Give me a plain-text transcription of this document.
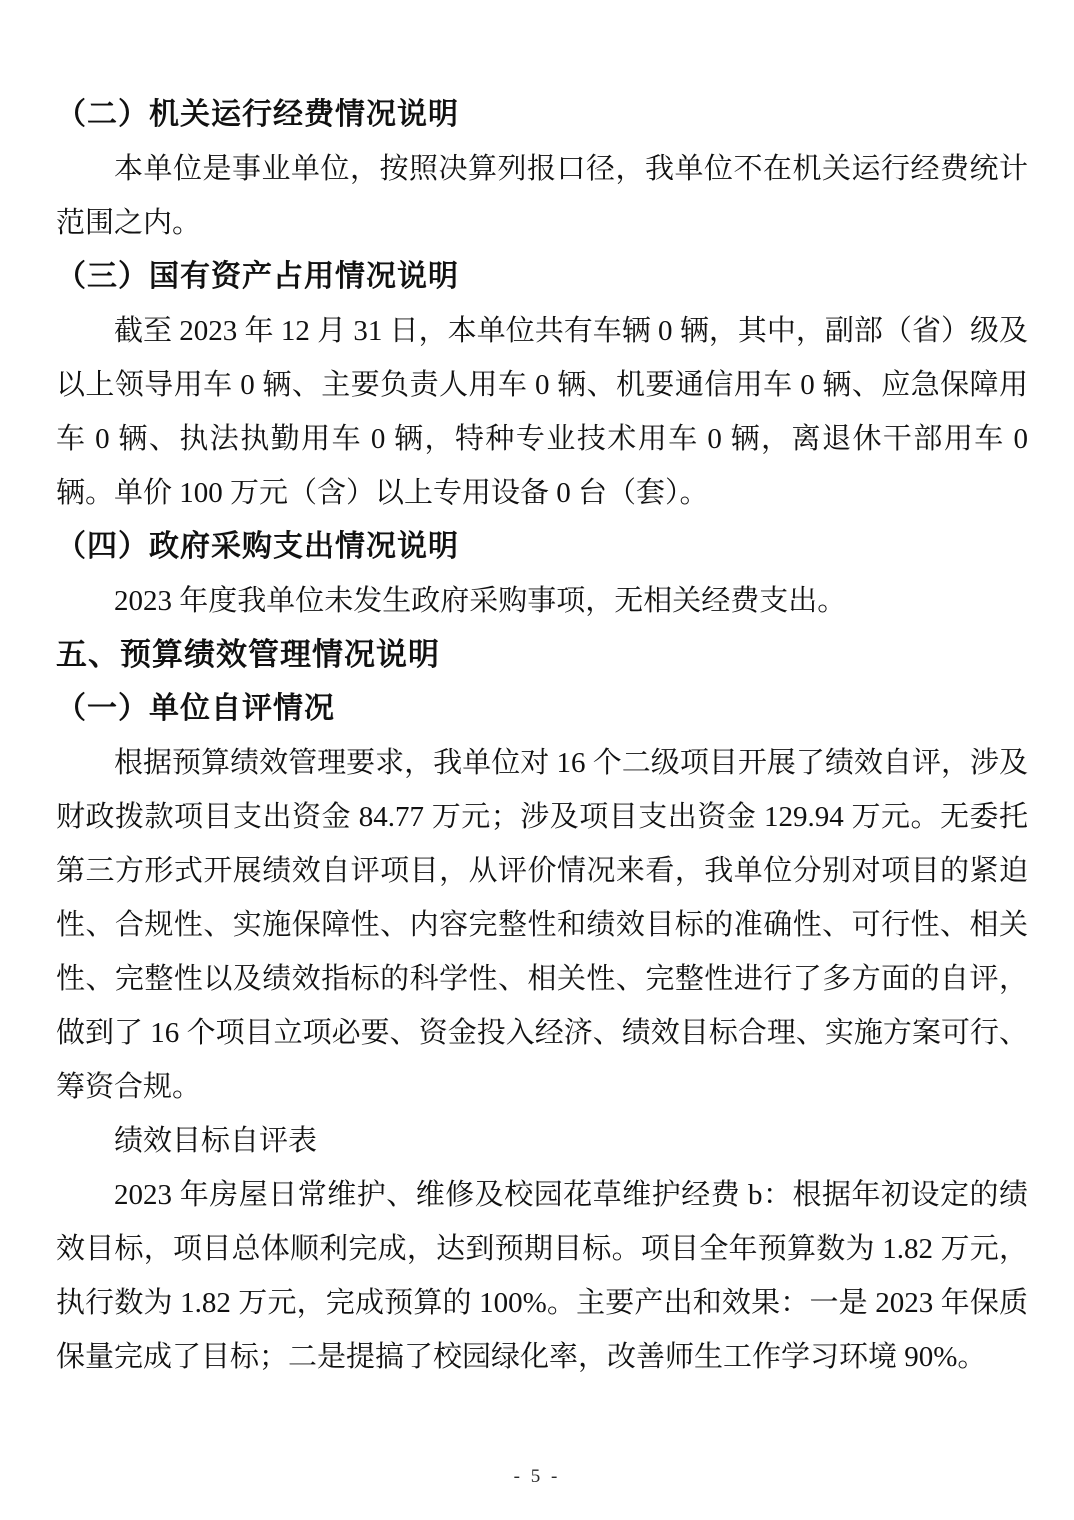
（二）机关运行经费情况说明

本单位是事业单位，按照决算列报口径，我单位不在机关运行经费统计范围之内。

（三）国有资产占用情况说明

截至 2023 年 12 月 31 日，本单位共有车辆 0 辆，其中，副部（省）级及以上领导用车 0 辆、主要负责人用车 0 辆、机要通信用车 0 辆、应急保障用车 0 辆、执法执勤用车 0 辆，特种专业技术用车 0 辆，离退休干部用车 0 辆。单价 100 万元（含）以上专用设备 0 台（套）。

（四）政府采购支出情况说明

2023 年度我单位未发生政府采购事项，无相关经费支出。

五、预算绩效管理情况说明

（一）单位自评情况

根据预算绩效管理要求，我单位对 16 个二级项目开展了绩效自评，涉及财政拨款项目支出资金 84.77 万元；涉及项目支出资金 129.94 万元。无委托第三方形式开展绩效自评项目，从评价情况来看，我单位分别对项目的紧迫性、合规性、实施保障性、内容完整性和绩效目标的准确性、可行性、相关性、完整性以及绩效指标的科学性、相关性、完整性进行了多方面的自评，做到了 16 个项目立项必要、资金投入经济、绩效目标合理、实施方案可行、筹资合规。

绩效目标自评表

2023 年房屋日常维护、维修及校园花草维护经费 b：根据年初设定的绩效目标，项目总体顺利完成，达到预期目标。项目全年预算数为 1.82 万元，执行数为 1.82 万元，完成预算的 100%。主要产出和效果：一是 2023 年保质保量完成了目标；二是提搞了校园绿化率，改善师生工作学习环境 90%。

- 5 -
